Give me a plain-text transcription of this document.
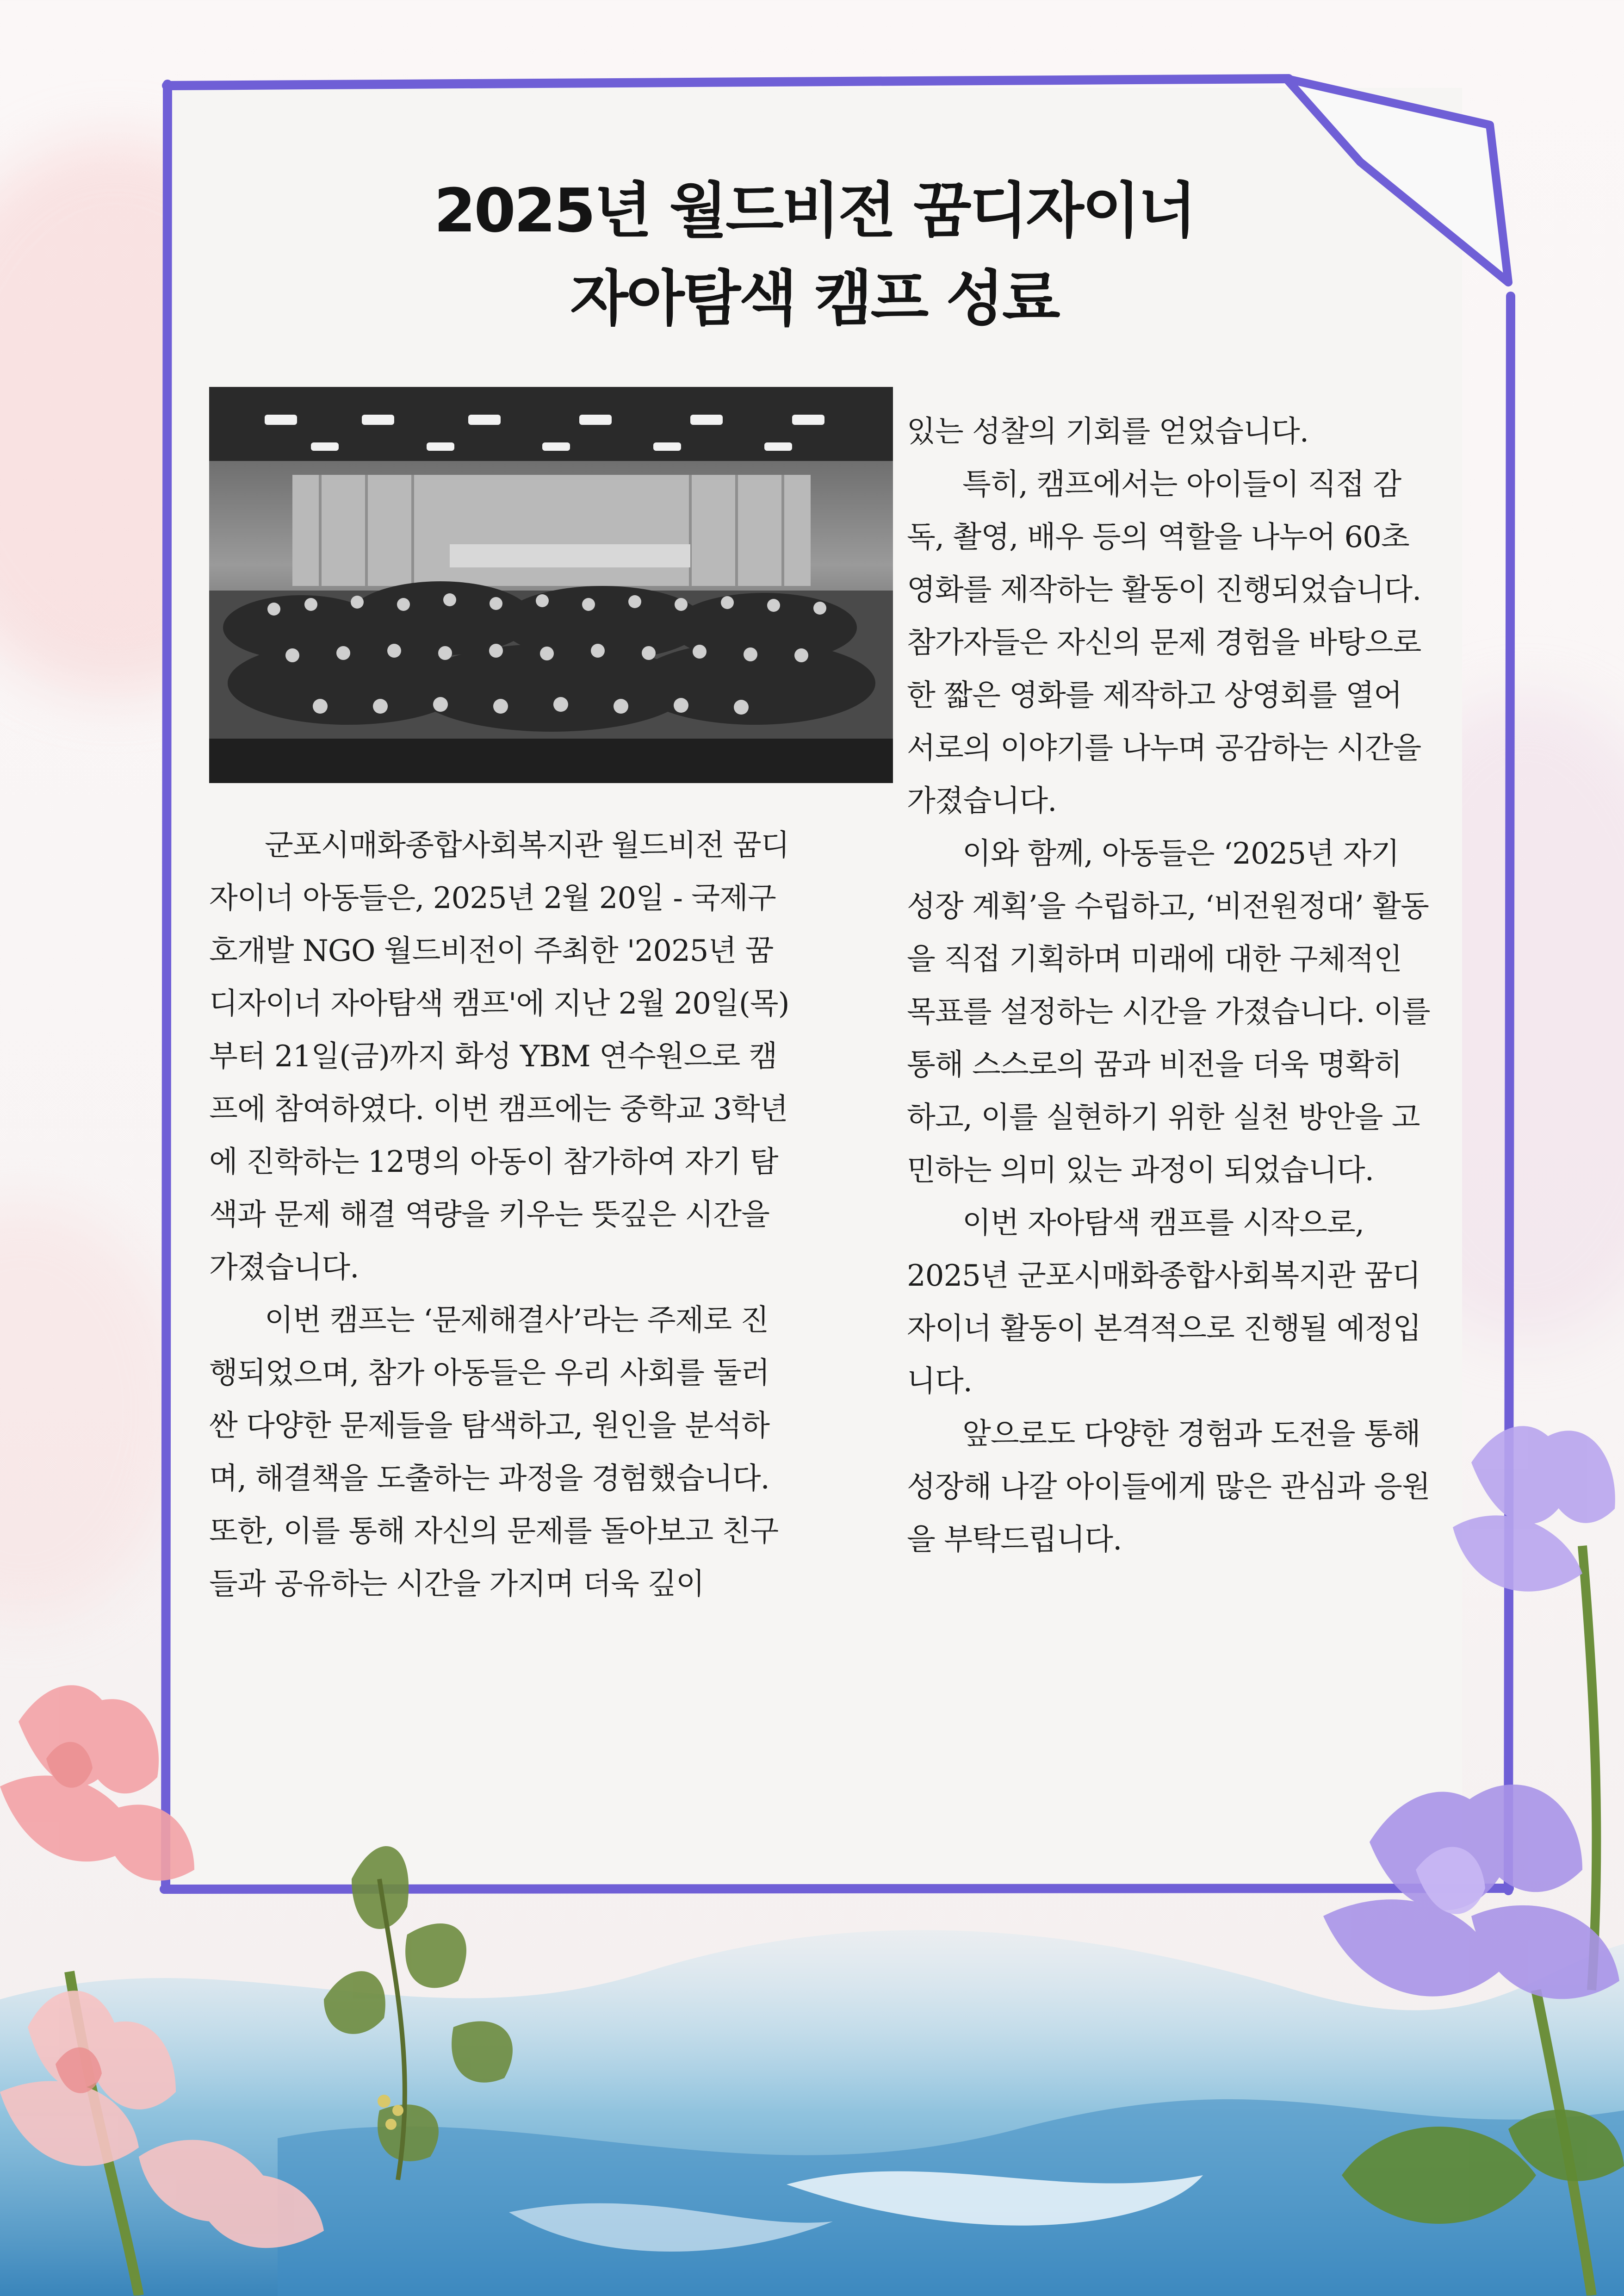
2025년 월드비전 꿈디자이너
자아탐색 캠프 성료

있는 성찰의 기회를 얻었습니다.

특히, 캠프에서는 아이들이 직접 감독, 촬영, 배우 등의 역할을 나누어 60초 영화를 제작하는 활동이 진행되었습니다. 참가자들은 자신의 문제 경험을 바탕으로 한 짧은 영화를 제작하고 상영회를 열어 서로의 이야기를 나누며 공감하는 시간을 가졌습니다.

이와 함께, 아동들은 ‘2025년 자기 성장 계획’을 수립하고, ‘비전원정대’ 활동을 직접 기획하며 미래에 대한 구체적인 목표를 설정하는 시간을 가졌습니다. 이를 통해 스스로의 꿈과 비전을 더욱 명확히 하고, 이를 실현하기 위한 실천 방안을 고민하는 의미 있는 과정이 되었습니다.

이번 자아탐색 캠프를 시작으로, 2025년 군포시매화종합사회복지관 꿈디자이너 활동이 본격적으로 진행될 예정입니다.

앞으로도 다양한 경험과 도전을 통해 성장해 나갈 아이들에게 많은 관심과 응원을 부탁드립니다.

군포시매화종합사회복지관 월드비전 꿈디자이너 아동들은, 2025년 2월 20일 - 국제구호개발 NGO 월드비전이 주최한 '2025년 꿈디자이너 자아탐색 캠프'에 지난 2월 20일(목)부터 21일(금)까지 화성 YBM 연수원으로 캠프에 참여하였다. 이번 캠프에는 중학교 3학년에 진학하는 12명의 아동이 참가하여 자기 탐색과 문제 해결 역량을 키우는 뜻깊은 시간을 가졌습니다.

이번 캠프는 ‘문제해결사’라는 주제로 진행되었으며, 참가 아동들은 우리 사회를 둘러싼 다양한 문제들을 탐색하고, 원인을 분석하며, 해결책을 도출하는 과정을 경험했습니다. 또한, 이를 통해 자신의 문제를 돌아보고 친구들과 공유하는 시간을 가지며 더욱 깊이
